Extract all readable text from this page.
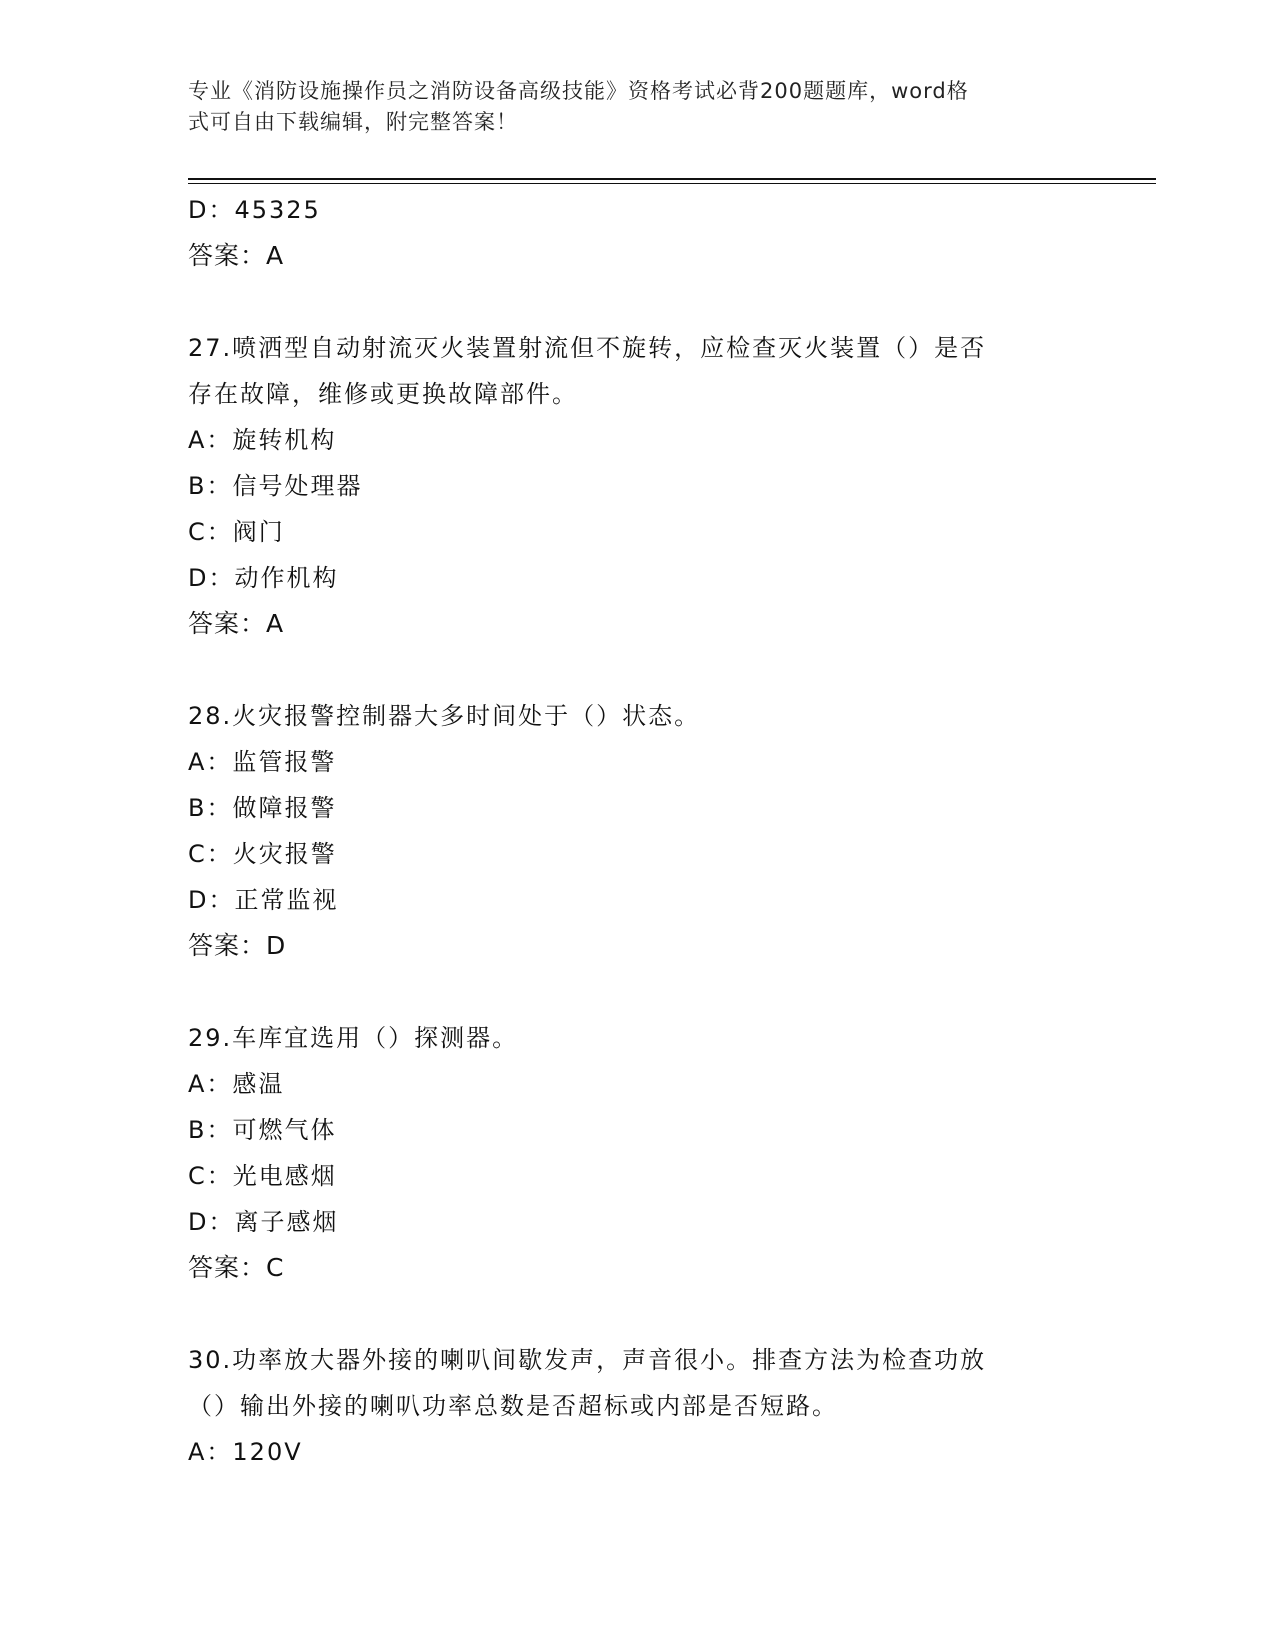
专业《消防设施操作员之消防设备高级技能》资格考试必背200题题库，word格
式可自由下载编辑，附完整答案！
D：45325
答案：A
27.喷洒型自动射流灭火装置射流但不旋转，应检查灭火装置（）是否
存在故障，维修或更换故障部件。
A：旋转机构
B：信号处理器
C：阀门
D：动作机构
答案：A
28.火灾报警控制器大多时间处于（）状态。
A：监管报警
B：做障报警
C：火灾报警
D：正常监视
答案：D
29.车库宜选用（）探测器。
A：感温
B：可燃气体
C：光电感烟
D：离子感烟
答案：C
30.功率放大器外接的喇叭间歇发声，声音很小。排查方法为检查功放
（）输出外接的喇叭功率总数是否超标或内部是否短路。
A：120V
